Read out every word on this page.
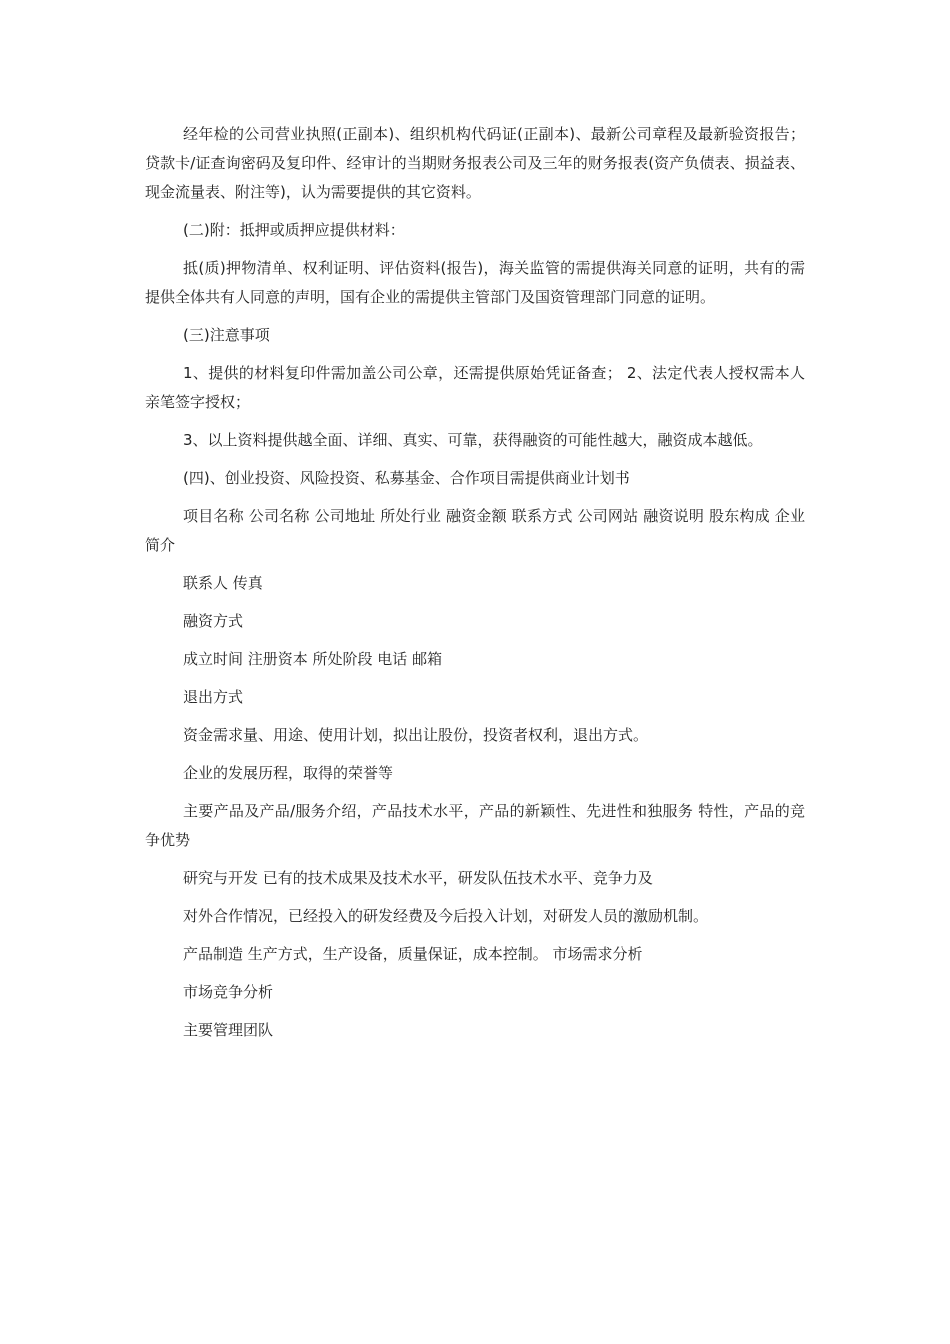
经年检的公司营业执照(正副本)、组织机构代码证(正副本)、最新公司章程及最新验资报告； 贷款卡/证查询密码及复印件、经审计的当期财务报表公司及三年的财务报表(资产负债表、损益表、现金流量表、附注等)，认为需要提供的其它资料。

(二)附：抵押或质押应提供材料：

抵(质)押物清单、权利证明、评估资料(报告)，海关监管的需提供海关同意的证明，共有的需提供全体共有人同意的声明，国有企业的需提供主管部门及国资管理部门同意的证明。

(三)注意事项

1、提供的材料复印件需加盖公司公章，还需提供原始凭证备查； 2、法定代表人授权需本人亲笔签字授权；

3、以上资料提供越全面、详细、真实、可靠，获得融资的可能性越大，融资成本越低。

(四)、创业投资、风险投资、私募基金、合作项目需提供商业计划书

项目名称 公司名称 公司地址 所处行业 融资金额 联系方式 公司网站 融资说明 股东构成 企业简介

联系人 传真

融资方式

成立时间 注册资本 所处阶段 电话 邮箱

退出方式

资金需求量、用途、使用计划，拟出让股份，投资者权利，退出方式。

企业的发展历程，取得的荣誉等

主要产品及产品/服务介绍，产品技术水平，产品的新颖性、先进性和独服务 特性，产品的竞争优势

研究与开发 已有的技术成果及技术水平，研发队伍技术水平、竞争力及

对外合作情况，已经投入的研发经费及今后投入计划，对研发人员的激励机制。

产品制造 生产方式，生产设备，质量保证，成本控制。 市场需求分析

市场竞争分析

主要管理团队
